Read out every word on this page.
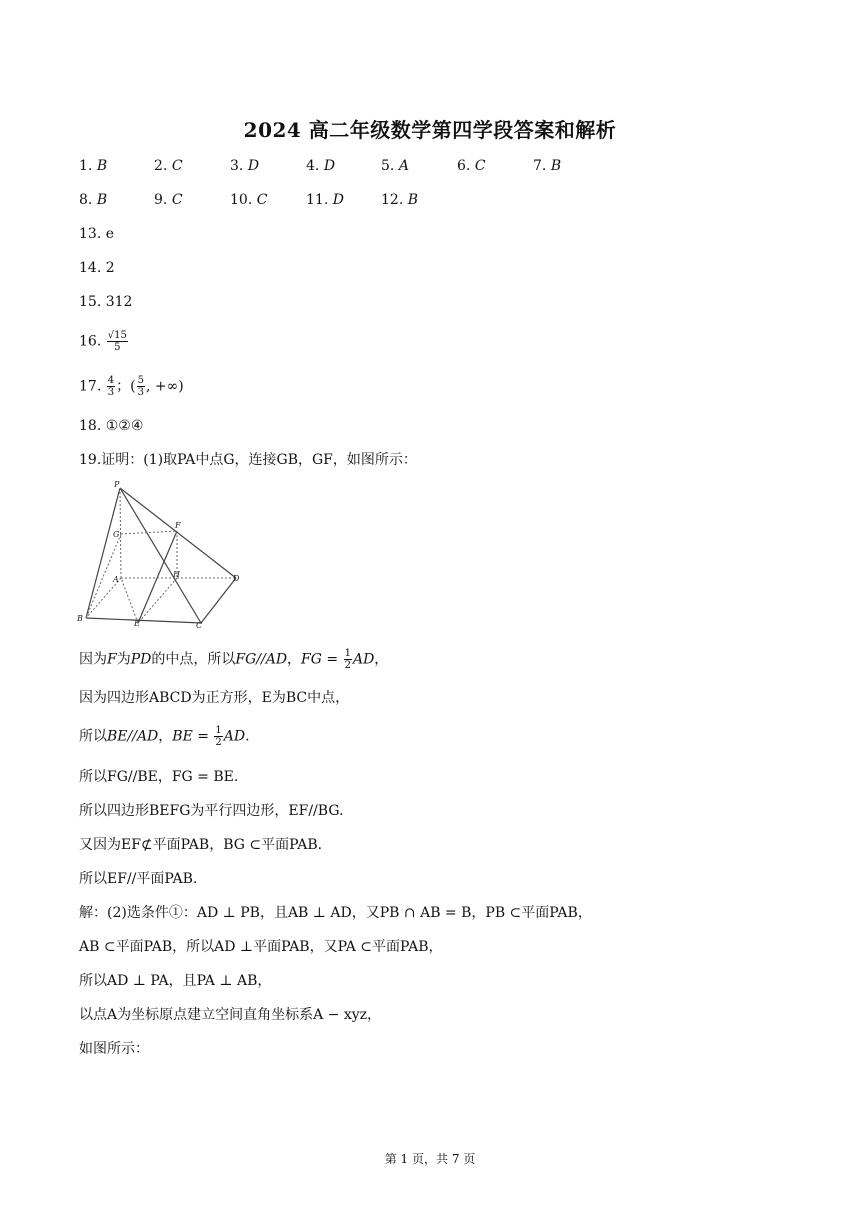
2024 高二年级数学第四学段答案和解析
1. B	2. C	3. D	4. D	5. A	6. C	7. B
8. B	9. C	10. C	11. D	12. B
13. e
14. 2
15. 312
16. $\frac{√15}{5}$
17. $\frac{4}{3}$ ；( $\frac{5}{3}$ , +∞)
18. ①②④
19.证明：(1)取PA中点G，连接GB，GF，如图所示：
P
G
F
A
H	D
B
E	C
因为F为PD的中点，所以FG//AD，FG = $\frac{1}{2}$ AD，
因为四边形ABCD为正方形，E为BC中点，
所以BE//AD，BE = $\frac{1}{2}$ AD.
所以FG//BE，FG = BE.
所以四边形BEFG为平行四边形，EF//BG.
又因为EF⊄平面PAB，BG ⊂平面PAB.
所以EF//平面PAB.
解：(2)选条件①：AD ⊥ PB，且AB ⊥ AD，又PB ∩ AB = B，PB ⊂平面PAB，
AB ⊂平面PAB，所以AD ⊥平面PAB，又PA ⊂平面PAB，
所以AD ⊥ PA，且PA ⊥ AB，
以点A为坐标原点建立空间直角坐标系A − xyz，
如图所示：
第 1 页，共 7 页
